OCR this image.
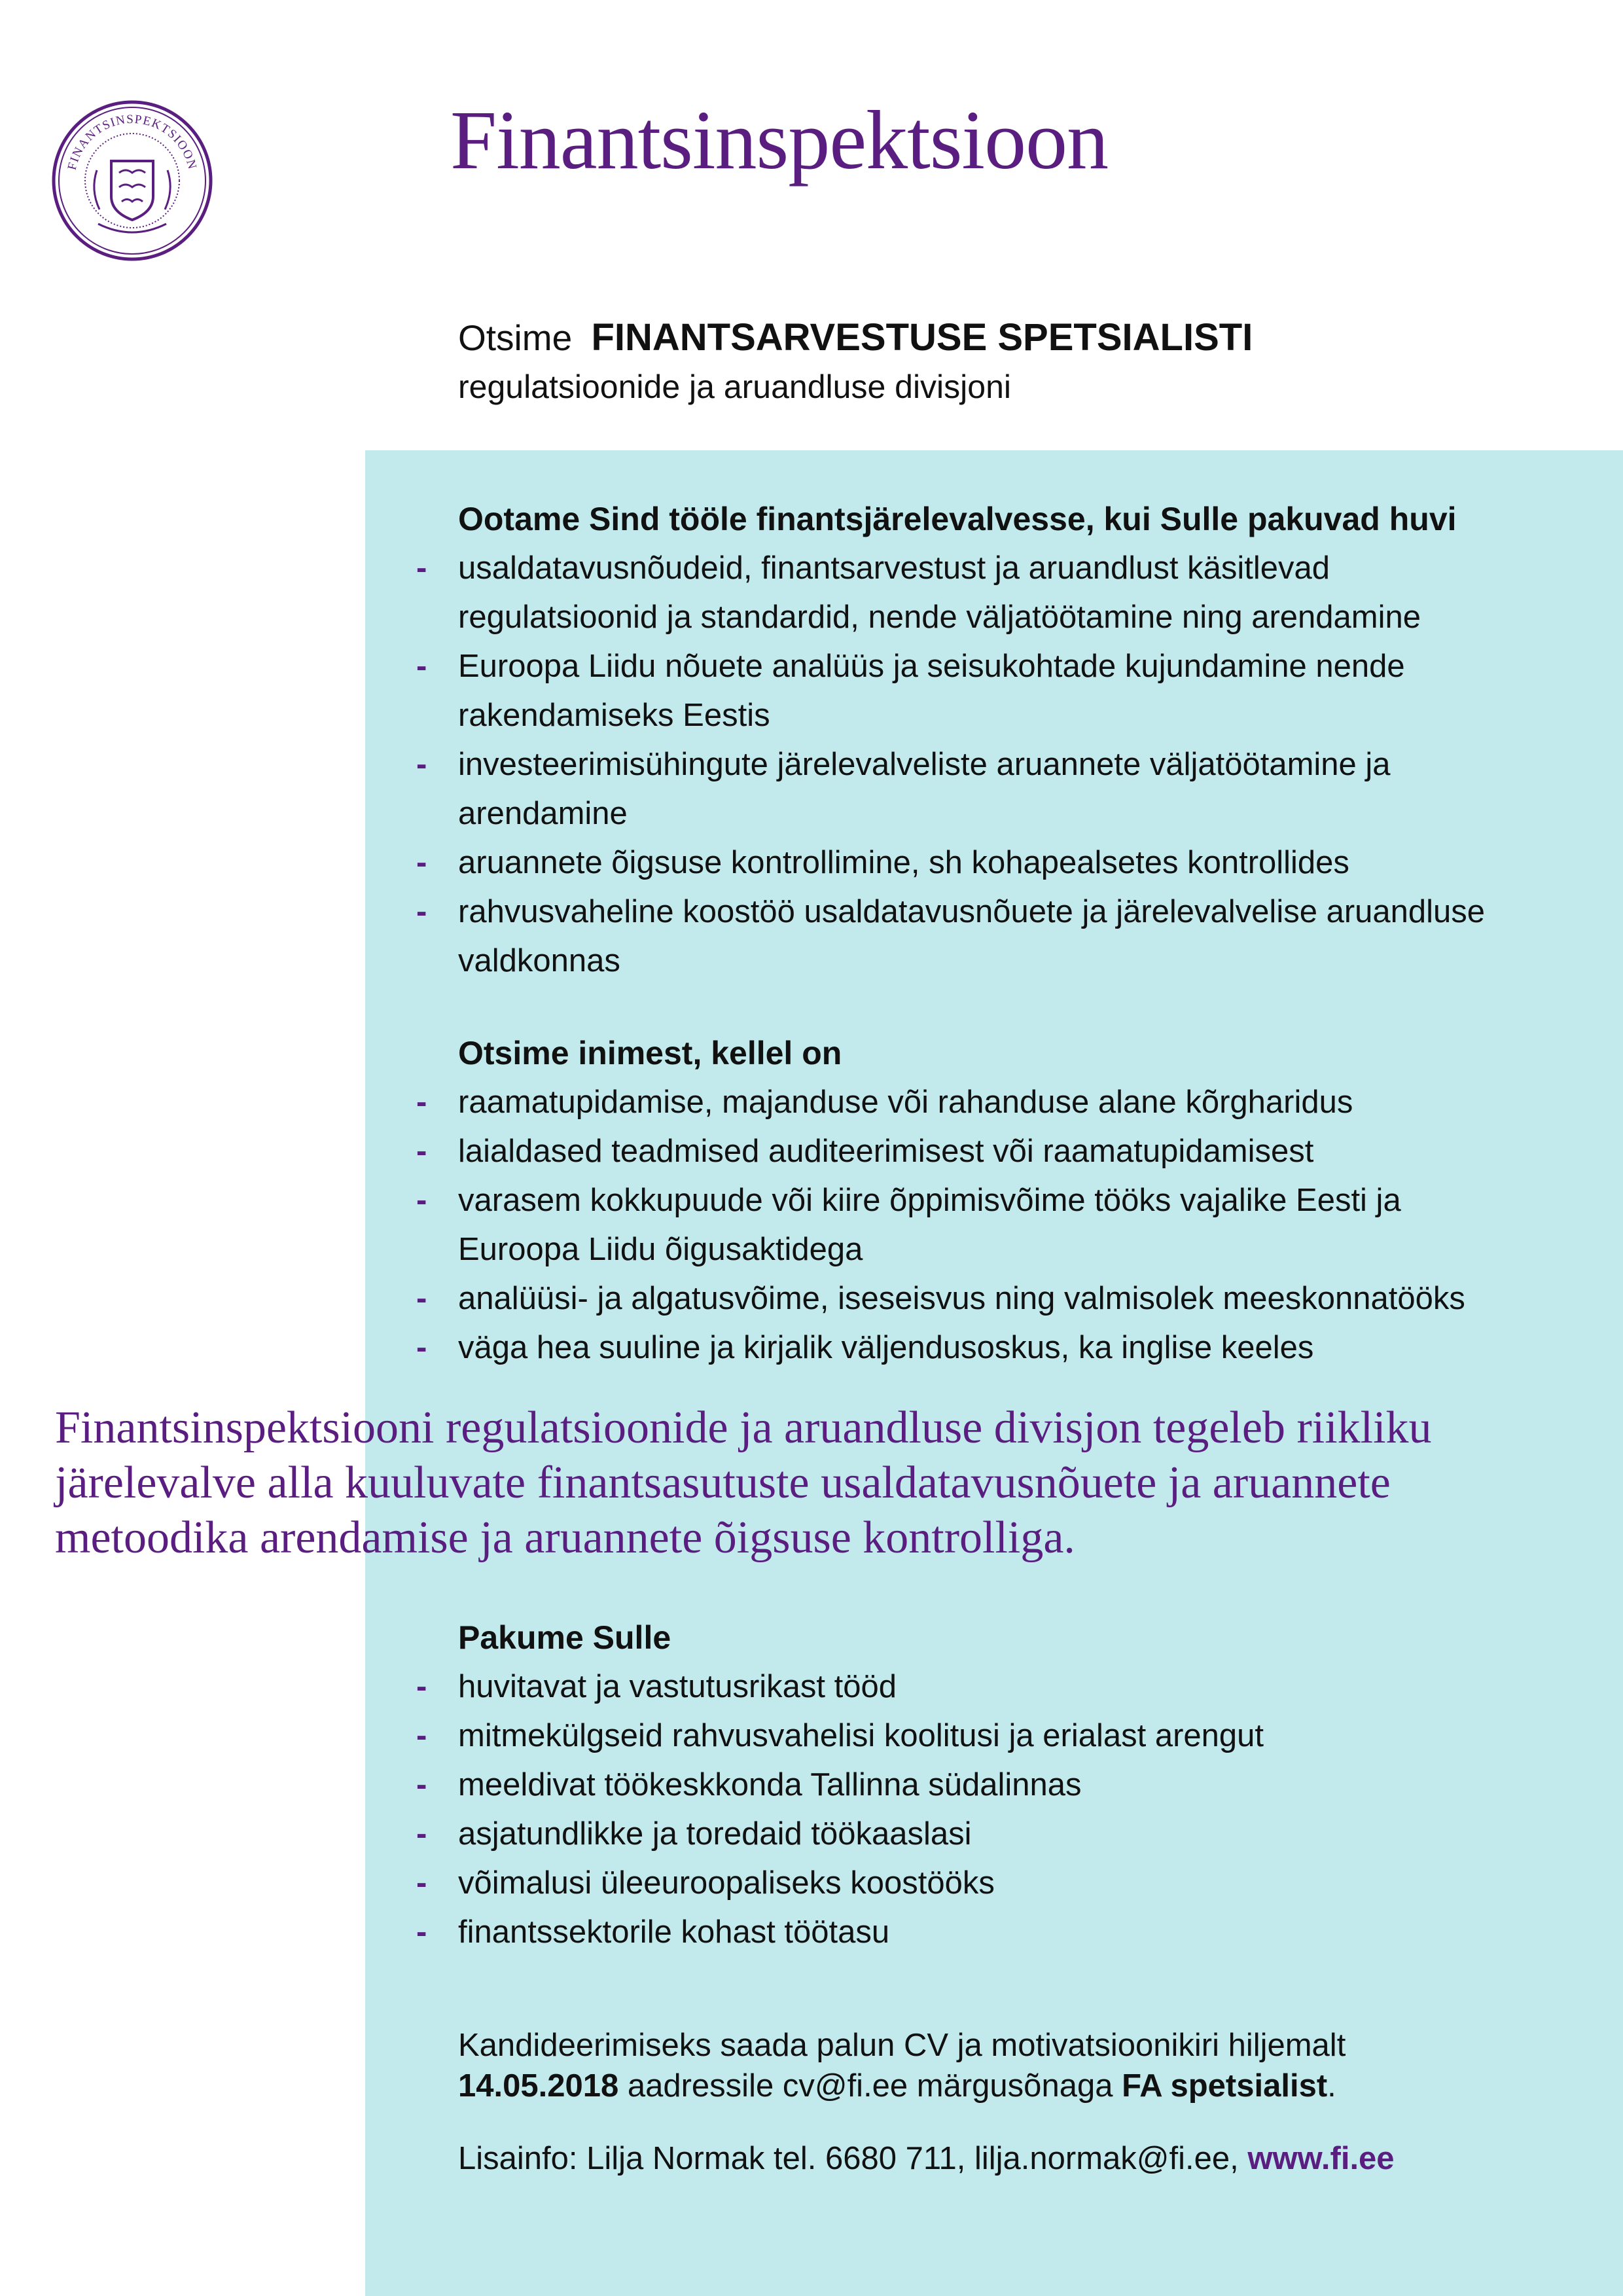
FINANTSINSPEKTSIOON	Finantsinspektsioon
Otsime FINANTSARVESTUSE SPETSIALISTI
regulatsioonide ja aruandluse divisjoni
Ootame Sind tööle finantsjärelevalvesse, kui Sulle pakuvad huvi
- usaldatavusnõudeid, finantsarvestust ja aruandlust käsitlevad
regulatsioonid ja standardid, nende väljatöötamine ning arendamine
- Euroopa Liidu nõuete analüüs ja seisukohtade kujundamine nende
rakendamiseks Eestis
- investeerimisühingute järelevalveliste aruannete väljatöötamine ja
arendamine
- aruannete õigsuse kontrollimine, sh kohapealsetes kontrollides
- rahvusvaheline koostöö usaldatavusnõuete ja järelevalvelise aruandluse
valdkonnas
Otsime inimest, kellel on
- raamatupidamise, majanduse või rahanduse alane kõrgharidus
- laialdased teadmised auditeerimisest või raamatupidamisest
- varasem kokkupuude või kiire õppimisvõime tööks vajalike Eesti ja
Euroopa Liidu õigusaktidega
- analüüsi- ja algatusvõime, iseseisvus ning valmisolek meeskonnatööks
- väga hea suuline ja kirjalik väljendusoskus, ka inglise keeles
Finantsinspektsiooni regulatsioonide ja aruandluse divisjon tegeleb riikliku
järelevalve alla kuuluvate finantsasutuste usaldatavusnõuete ja aruannete
metoodika arendamise ja aruannete õigsuse kontrolliga.
Pakume Sulle
- huvitavat ja vastutusrikast tööd
- mitmekülgseid rahvusvahelisi koolitusi ja erialast arengut
- meeldivat töökeskkonda Tallinna südalinnas
- asjatundlikke ja toredaid töökaaslasi
- võimalusi üleeuroopaliseks koostööks
- finantssektorile kohast töötasu
Kandideerimiseks saada palun CV ja motivatsioonikiri hiljemalt
14.05.2018 aadressile cv@fi.ee märgusõnaga FA spetsialist.
Lisainfo: Lilja Normak tel. 6680 711, lilja.normak@fi.ee, www.fi.ee
